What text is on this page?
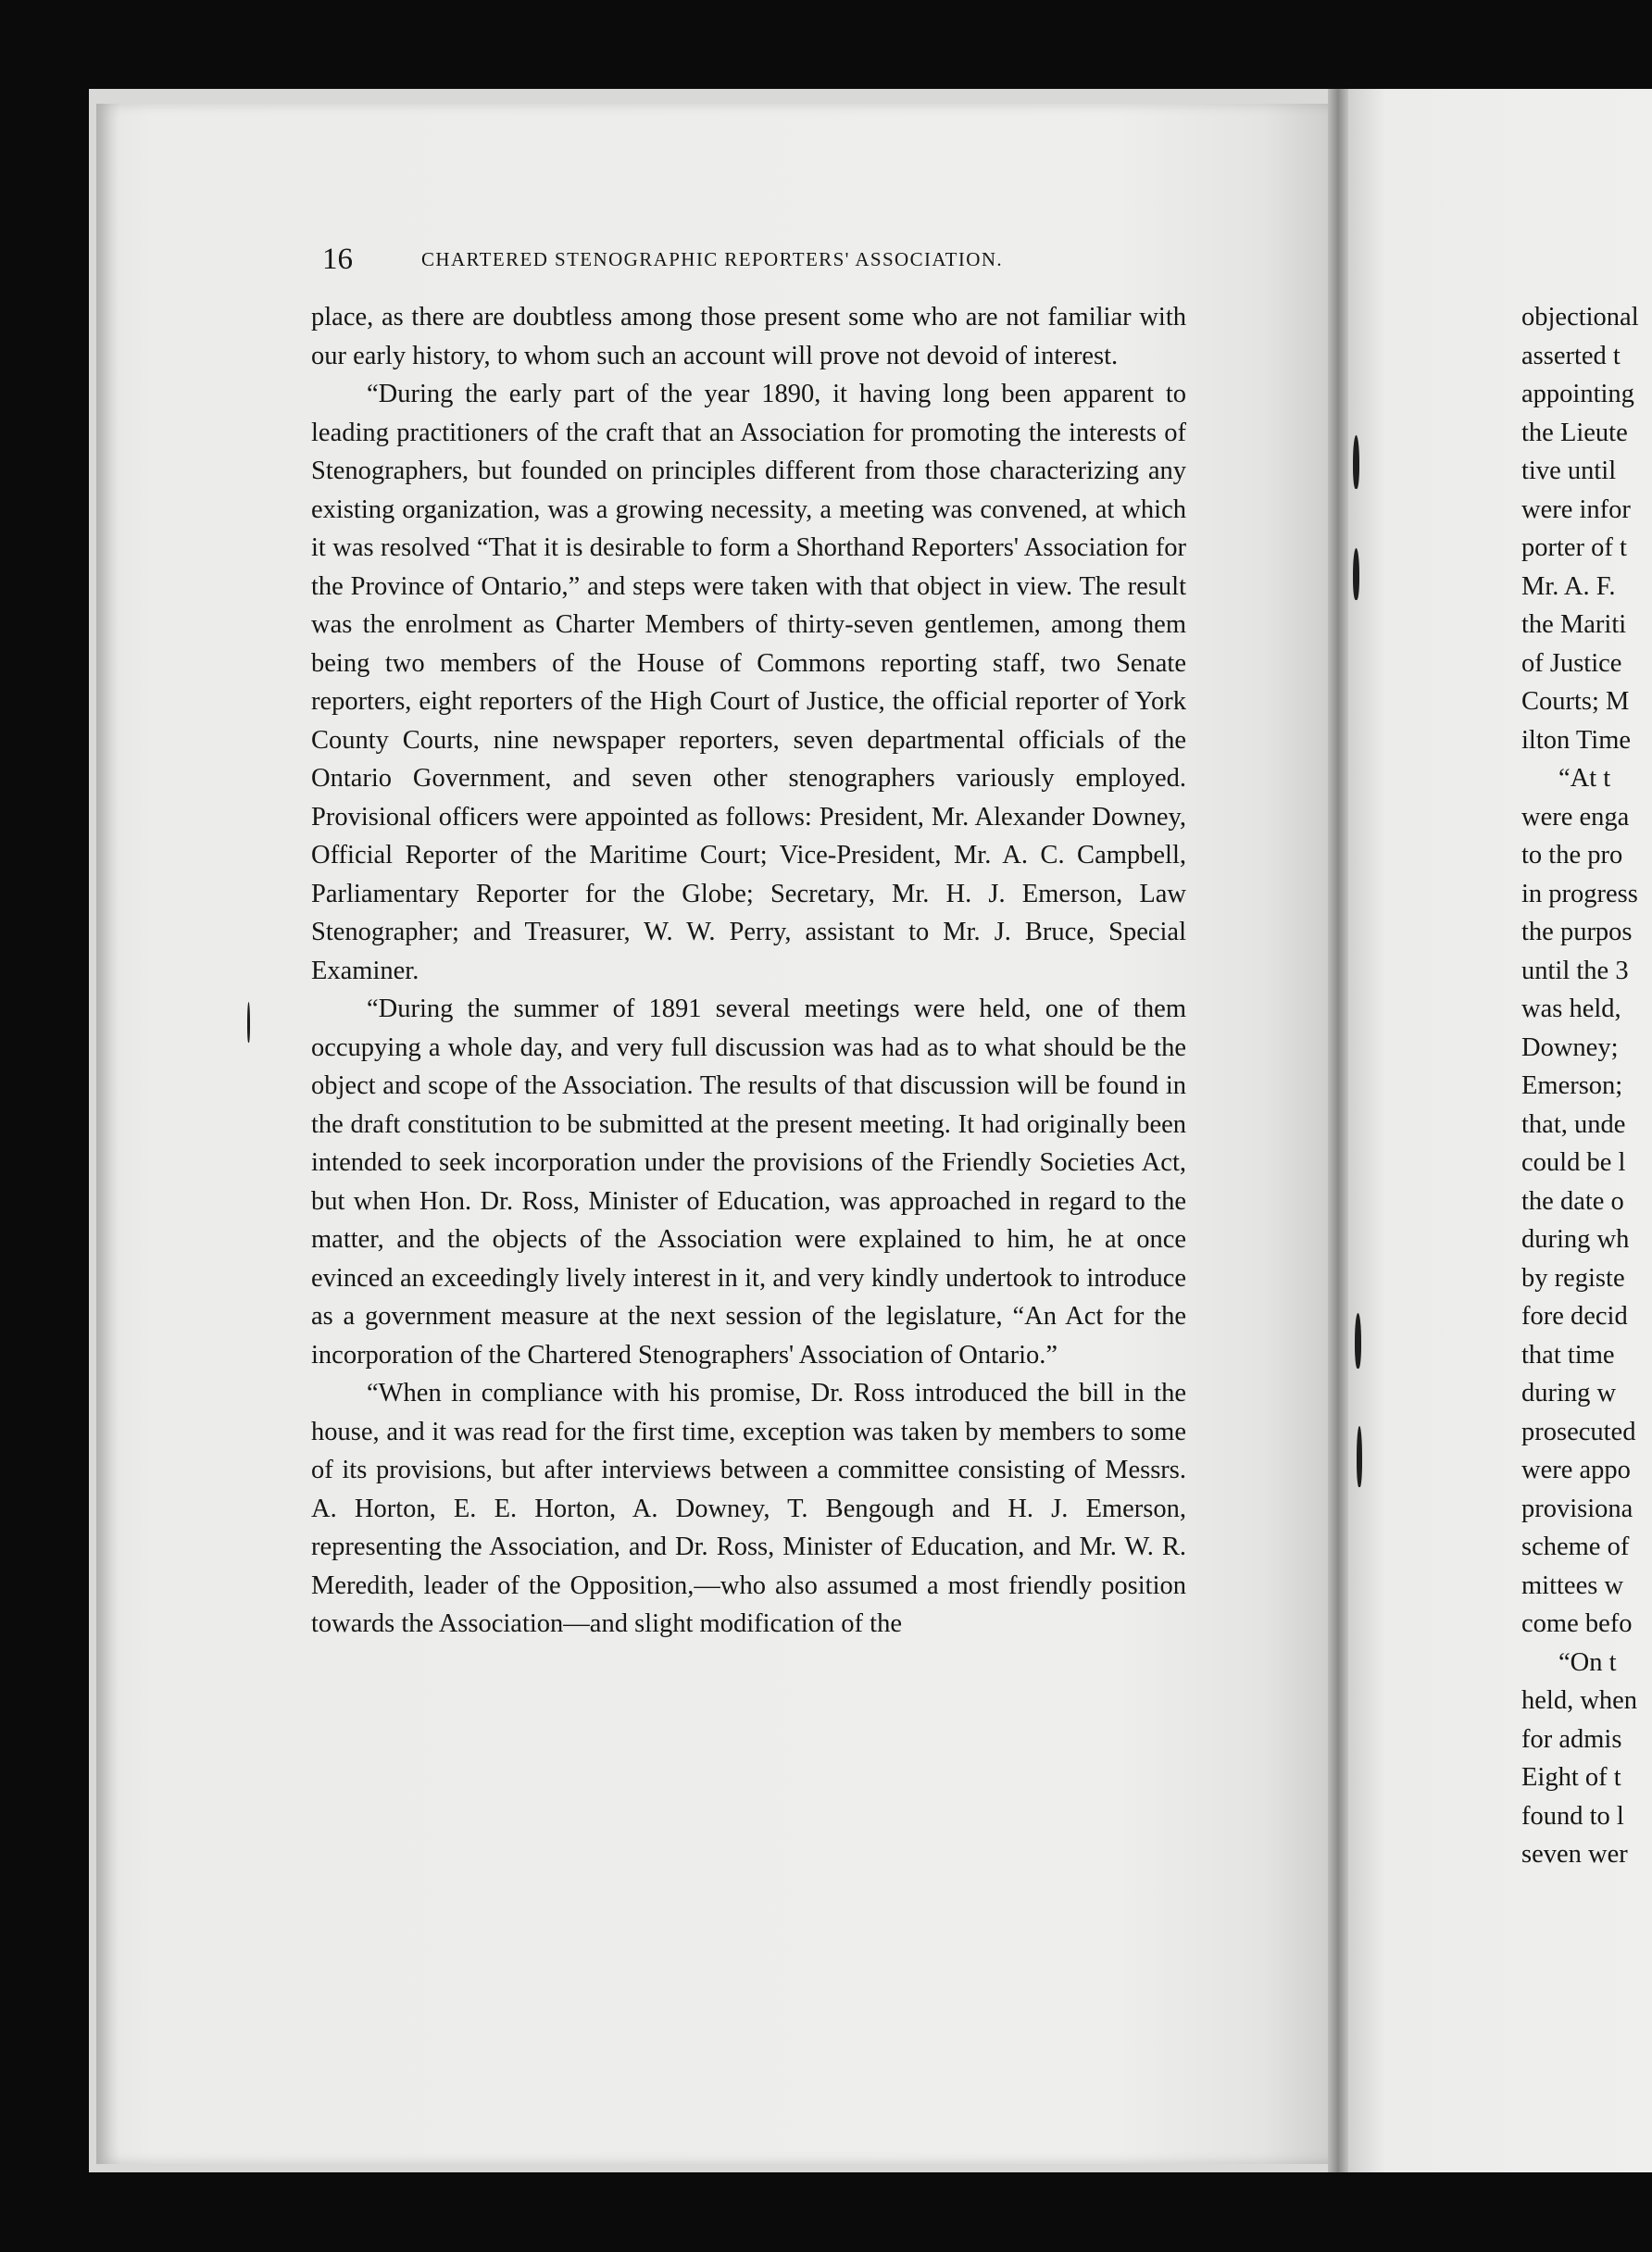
16	CHARTERED STENOGRAPHIC REPORTERS' ASSOCIATION.

place, as there are doubtless among those present some who are not familiar with our early history, to whom such an account will prove not devoid of interest.

“During the early part of the year 1890, it having long been apparent to leading practitioners of the craft that an Association for promoting the interests of Stenographers, but founded on principles different from those characterizing any existing organization, was a growing necessity, a meeting was convened, at which it was resolved “That it is desirable to form a Shorthand Reporters' Association for the Province of Ontario,” and steps were taken with that object in view. The result was the enrolment as Charter Members of thirty-seven gentlemen, among them being two members of the House of Commons reporting staff, two Senate reporters, eight reporters of the High Court of Justice, the official reporter of York County Courts, nine newspaper reporters, seven departmental officials of the Ontario Government, and seven other stenographers variously employed. Provisional officers were appointed as follows: President, Mr. Alexander Downey, Official Reporter of the Maritime Court; Vice-President, Mr. A. C. Campbell, Parliamentary Reporter for the Globe; Secretary, Mr. H. J. Emerson, Law Stenographer; and Treasurer, W. W. Perry, assistant to Mr. J. Bruce, Special Examiner.

“During the summer of 1891 several meetings were held, one of them occupying a whole day, and very full discussion was had as to what should be the object and scope of the Association. The results of that discussion will be found in the draft constitution to be submitted at the present meeting. It had originally been intended to seek incorporation under the provisions of the Friendly Societies Act, but when Hon. Dr. Ross, Minister of Education, was approached in regard to the matter, and the objects of the Association were explained to him, he at once evinced an exceedingly lively interest in it, and very kindly undertook to introduce as a government measure at the next session of the legislature, “An Act for the incorporation of the Chartered Stenographers' Association of Ontario.”

“When in compliance with his promise, Dr. Ross introduced the bill in the house, and it was read for the first time, exception was taken by members to some of its provisions, but after interviews between a committee consisting of Messrs. A. Horton, E. E. Horton, A. Downey, T. Bengough and H. J. Emerson, representing the Association, and Dr. Ross, Minister of Education, and Mr. W. R. Meredith, leader of the Opposition,—who also assumed a most friendly position towards the Association—and slight modification of the

objectional
asserted t
appointing
the Lieute
tive until
were infor
porter of t
Mr. A. F.
the Mariti
of Justice
Courts; M
ilton Time
“At t
were enga
to the pro
in progress
the purpos
until the 3
was held,
Downey;
Emerson;
that, unde
could be l
the date o
during wh
by registe
fore decid
that time
during w
prosecuted
were appo
provisiona
scheme of
mittees w
come befo
“On t
held, when
for admis
Eight of t
found to l
seven wer
